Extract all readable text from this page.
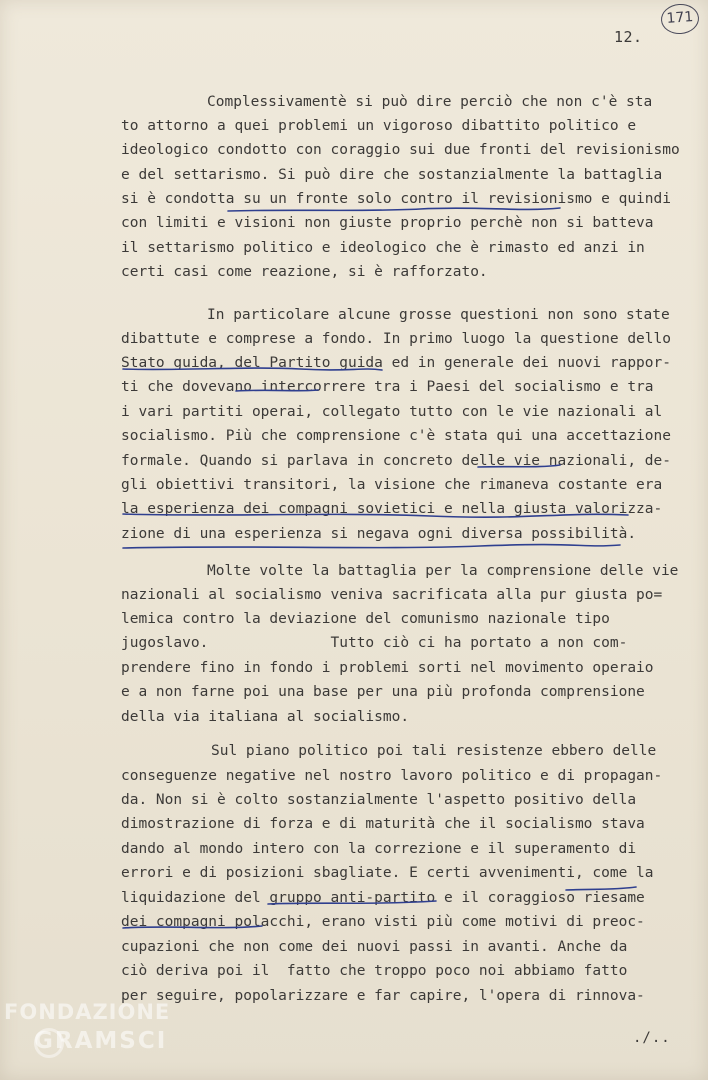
12.
171
Complessivamentè si può dire perciò che non c'è sta
to attorno a quei problemi un vigoroso dibattito politico e
ideologico condotto con coraggio sui due fronti del revisionismo
e del settarismo. Si può dire che sostanzialmente la battaglia
si è condotta su un fronte solo contro il revisionismo e quindi
con limiti e visioni non giuste proprio perchè non si batteva
il settarismo politico e ideologico che è rimasto ed anzi in
certi casi come reazione, si è rafforzato.
In particolare alcune grosse questioni non sono state
dibattute e comprese a fondo. In primo luogo la questione dello
Stato guida, del Partito guida ed in generale dei nuovi rappor-
ti che dovevano intercorrere tra i Paesi del socialismo e tra
i vari partiti operai, collegato tutto con le vie nazionali al
socialismo. Più che comprensione c'è stata qui una accettazione
formale. Quando si parlava in concreto delle vie nazionali, de-
gli obiettivi transitori, la visione che rimaneva costante era
la esperienza dei compagni sovietici e nella giusta valorizza-
zione di una esperienza si negava ogni diversa possibilità.
Molte volte la battaglia per la comprensione delle vie
nazionali al socialismo veniva sacrificata alla pur giusta po=
lemica contro la deviazione del comunismo nazionale tipo
jugoslavo.              Tutto ciò ci ha portato a non com-
prendere fino in fondo i problemi sorti nel movimento operaio
e a non farne poi una base per una più profonda comprensione
della via italiana al socialismo.
Sul piano politico poi tali resistenze ebbero delle
conseguenze negative nel nostro lavoro politico e di propagan-
da. Non si è colto sostanzialmente l'aspetto positivo della
dimostrazione di forza e di maturità che il socialismo stava
dando al mondo intero con la correzione e il superamento di
errori e di posizioni sbagliate. E certi avvenimenti, come la
liquidazione del gruppo anti-partito e il coraggioso riesame
dei compagni polacchi, erano visti più come motivi di preoc-
cupazioni che non come dei nuovi passi in avanti. Anche da
ciò deriva poi il  fatto che troppo poco noi abbiamo fatto
per seguire, popolarizzare e far capire, l'opera di rinnova-
./..
FONDAZIONE
GRAMSCI
